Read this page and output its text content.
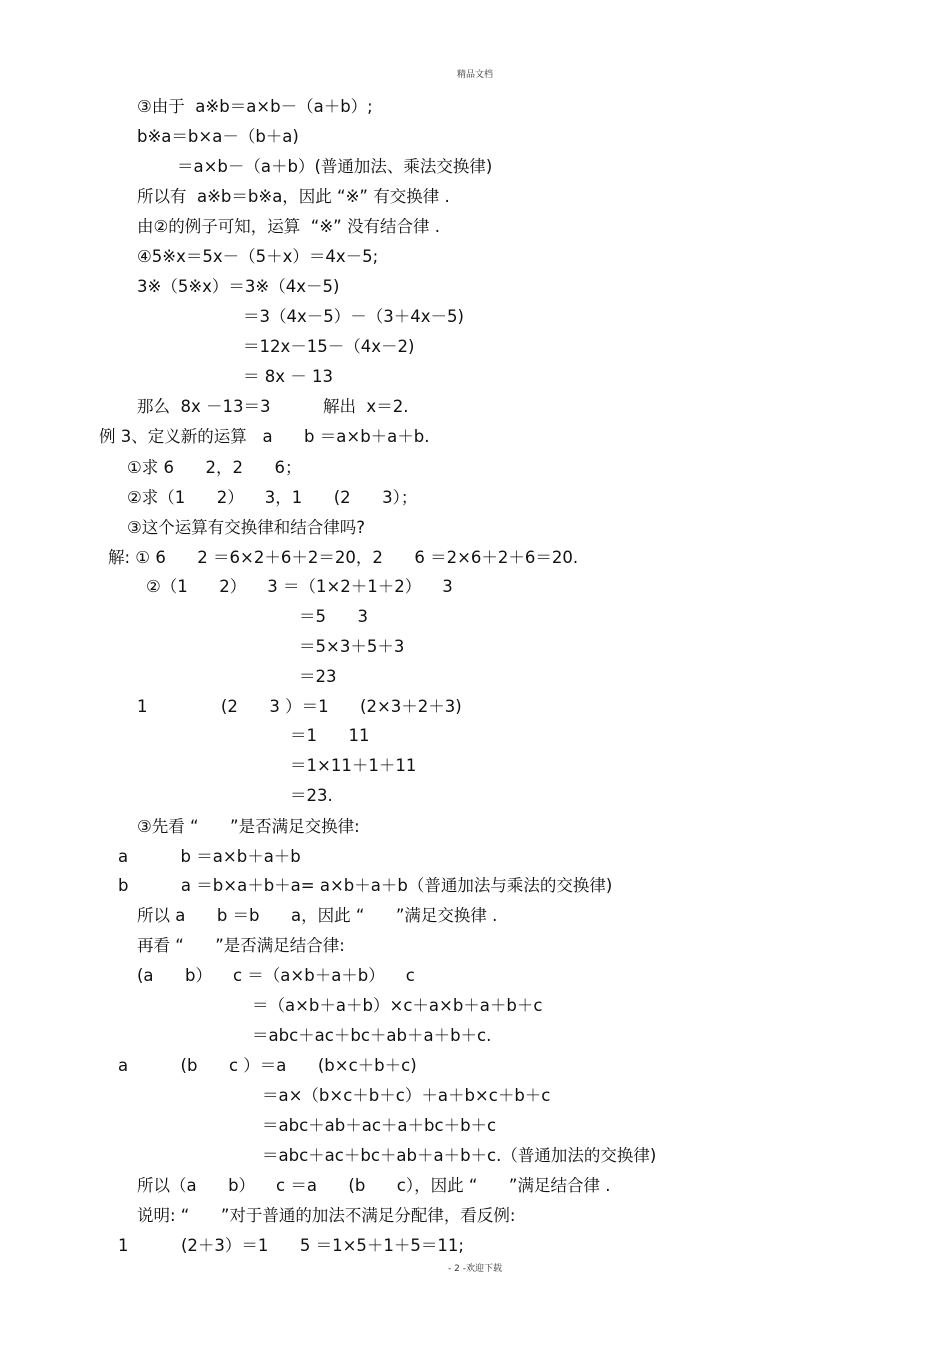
精品文档
③由于  a※b＝a×b－（a＋b）;
b※a＝b×a－（b＋a)
＝a×b－（a＋b）(普通加法、乘法交换律)
所以有  a※b＝b※a，因此 “※” 有交换律 .
由②的例子可知，运算  “※” 没有结合律 .
④5※x＝5x－（5＋x）＝4x－5;
3※（5※x）＝3※（4x－5)
＝3（4x－5）－（3＋4x－5)
＝12x－15－（4x－2)
＝ 8x － 13
那么  8x －13＝3          解出  x＝2.
例 3、定义新的运算   a      b ＝a×b＋a＋b.
①求 6      2，2      6；
②求（1      2）    3，1      (2      3）；
③这个运算有交换律和结合律吗?
解: ① 6      2 ＝6×2＋6＋2＝20，2      6 ＝2×6＋2＋6＝20.
②（1      2）    3 ＝（1×2＋1＋2）    3
＝5      3
＝5×3＋5＋3
＝23
1              (2      3 ）＝1      (2×3＋2＋3)
＝1      11
＝1×11＋1＋11
＝23.
③先看 “      ”是否满足交换律:
a          b ＝a×b＋a＋b
b          a ＝b×a＋b＋a= a×b＋a＋b（普通加法与乘法的交换律)
所以 a      b ＝b      a，因此 “      ”满足交换律 .
再看 “      ”是否满足结合律:
(a      b）    c ＝（a×b＋a＋b）    c
＝（a×b＋a＋b）×c＋a×b＋a＋b＋c
＝abc＋ac＋bc＋ab＋a＋b＋c.
a          (b      c ）＝a      (b×c＋b＋c)
＝a×（b×c＋b＋c）＋a＋b×c＋b＋c
＝abc＋ab＋ac＋a＋bc＋b＋c
＝abc＋ac＋bc＋ab＋a＋b＋c.（普通加法的交换律)
所以（a      b）    c ＝a      (b      c），因此 “      ”满足结合律 .
说明: “      ”对于普通的加法不满足分配律，看反例:
1          (2＋3）＝1      5 ＝1×5＋1＋5＝11;
- 2 -欢迎下载
